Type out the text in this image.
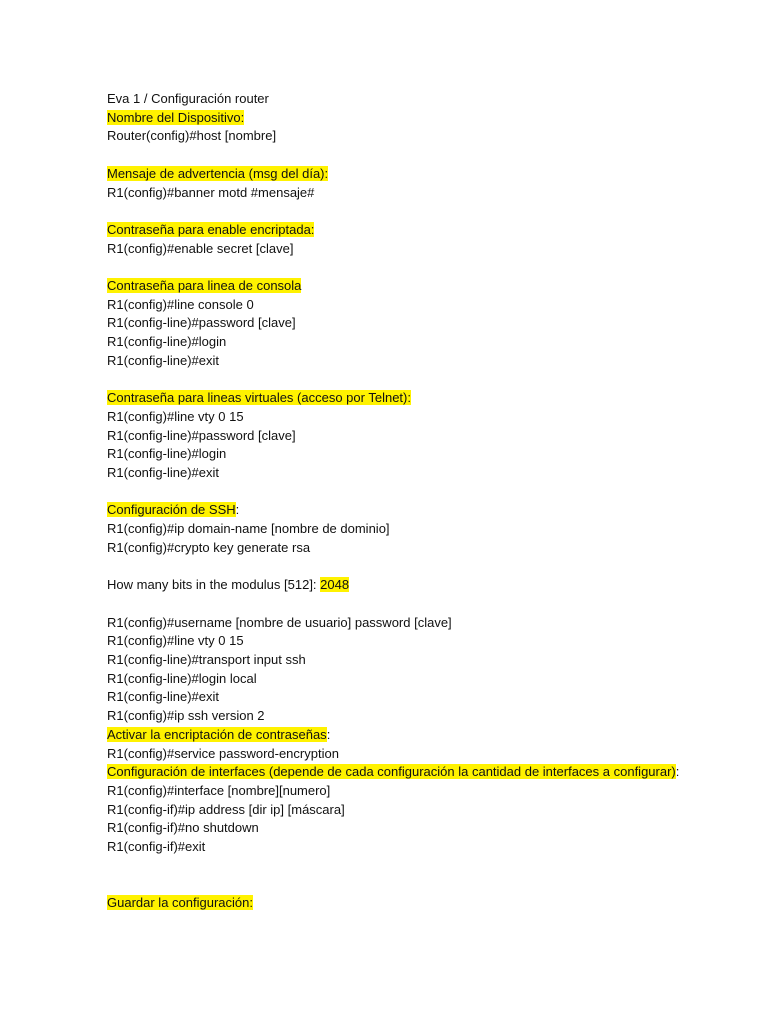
Eva 1 / Configuración router
Nombre del Dispositivo:
Router(config)#host [nombre]
Mensaje de advertencia (msg del día):
R1(config)#banner motd #mensaje#
Contraseña para enable encriptada:
R1(config)#enable secret [clave]
Contraseña para linea de consola
R1(config)#line console 0
R1(config-line)#password [clave]
R1(config-line)#login
R1(config-line)#exit
Contraseña para lineas virtuales (acceso por Telnet):
R1(config)#line vty 0 15
R1(config-line)#password [clave]
R1(config-line)#login
R1(config-line)#exit
Configuración de SSH:
R1(config)#ip domain-name [nombre de dominio]
R1(config)#crypto key generate rsa
How many bits in the modulus [512]: 2048
R1(config)#username [nombre de usuario] password [clave]
R1(config)#line vty 0 15
R1(config-line)#transport input ssh
R1(config-line)#login local
R1(config-line)#exit
R1(config)#ip ssh version 2
Activar la encriptación de contraseñas:
R1(config)#service password-encryption
Configuración de interfaces (depende de cada configuración la cantidad de interfaces a configurar):
R1(config)#interface [nombre][numero]
R1(config-if)#ip address [dir ip] [máscara]
R1(config-if)#no shutdown
R1(config-if)#exit
Guardar la configuración:
